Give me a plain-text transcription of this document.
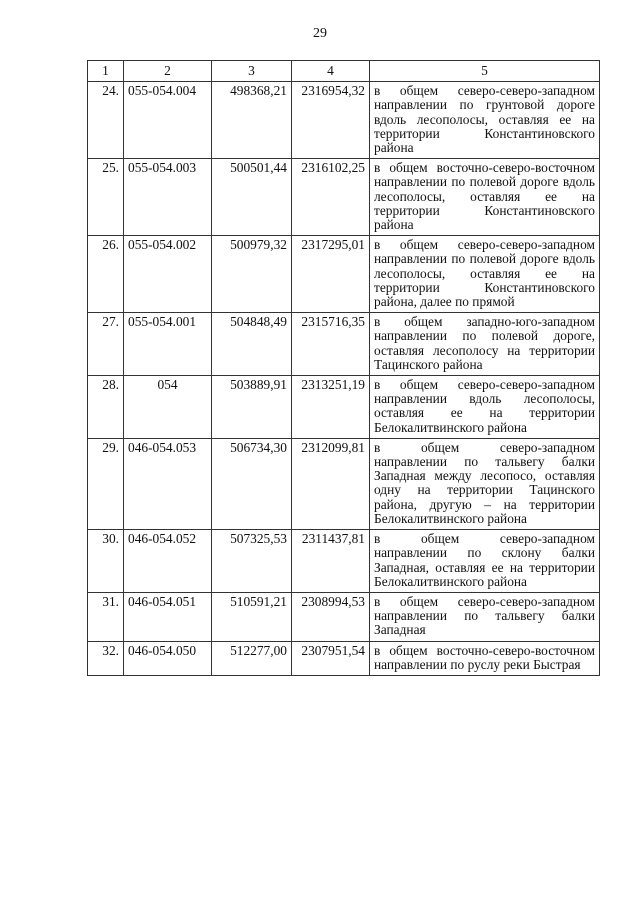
29
1	2	3	4	5
24.	055-054.004	498368,21	2316954,32	в общем северо-северо-западном направлении по грунтовой дороге вдоль лесополосы, оставляя ее на территории Константиновского района
25.	055-054.003	500501,44	2316102,25	в общем восточно-северо-восточном направлении по полевой дороге вдоль лесополосы, оставляя ее на территории Константиновского района
26.	055-054.002	500979,32	2317295,01	в общем северо-северо-западном направлении по полевой дороге вдоль лесополосы, оставляя ее на территории Константиновского района, далее по прямой
27.	055-054.001	504848,49	2315716,35	в общем западно-юго-западном направлении по полевой дороге, оставляя лесополосу на территории Тацинского района
28.	054	503889,91	2313251,19	в общем северо-северо-западном направлении вдоль лесополосы, оставляя ее на территории Белокалитвинского района
29.	046-054.053	506734,30	2312099,81	в общем северо-западном направлении по тальвегу балки Западная между лесопосо, оставляя одну на территории Тацинского района, другую – на территории Белокалитвинского района
30.	046-054.052	507325,53	2311437,81	в общем северо-западном направлении по склону балки Западная, оставляя ее на территории Белокалитвинского района
31.	046-054.051	510591,21	2308994,53	в общем северо-северо-западном направлении по тальвегу балки Западная
32.	046-054.050	512277,00	2307951,54	в общем восточно-северо-восточном направлении по руслу реки Быстрая
